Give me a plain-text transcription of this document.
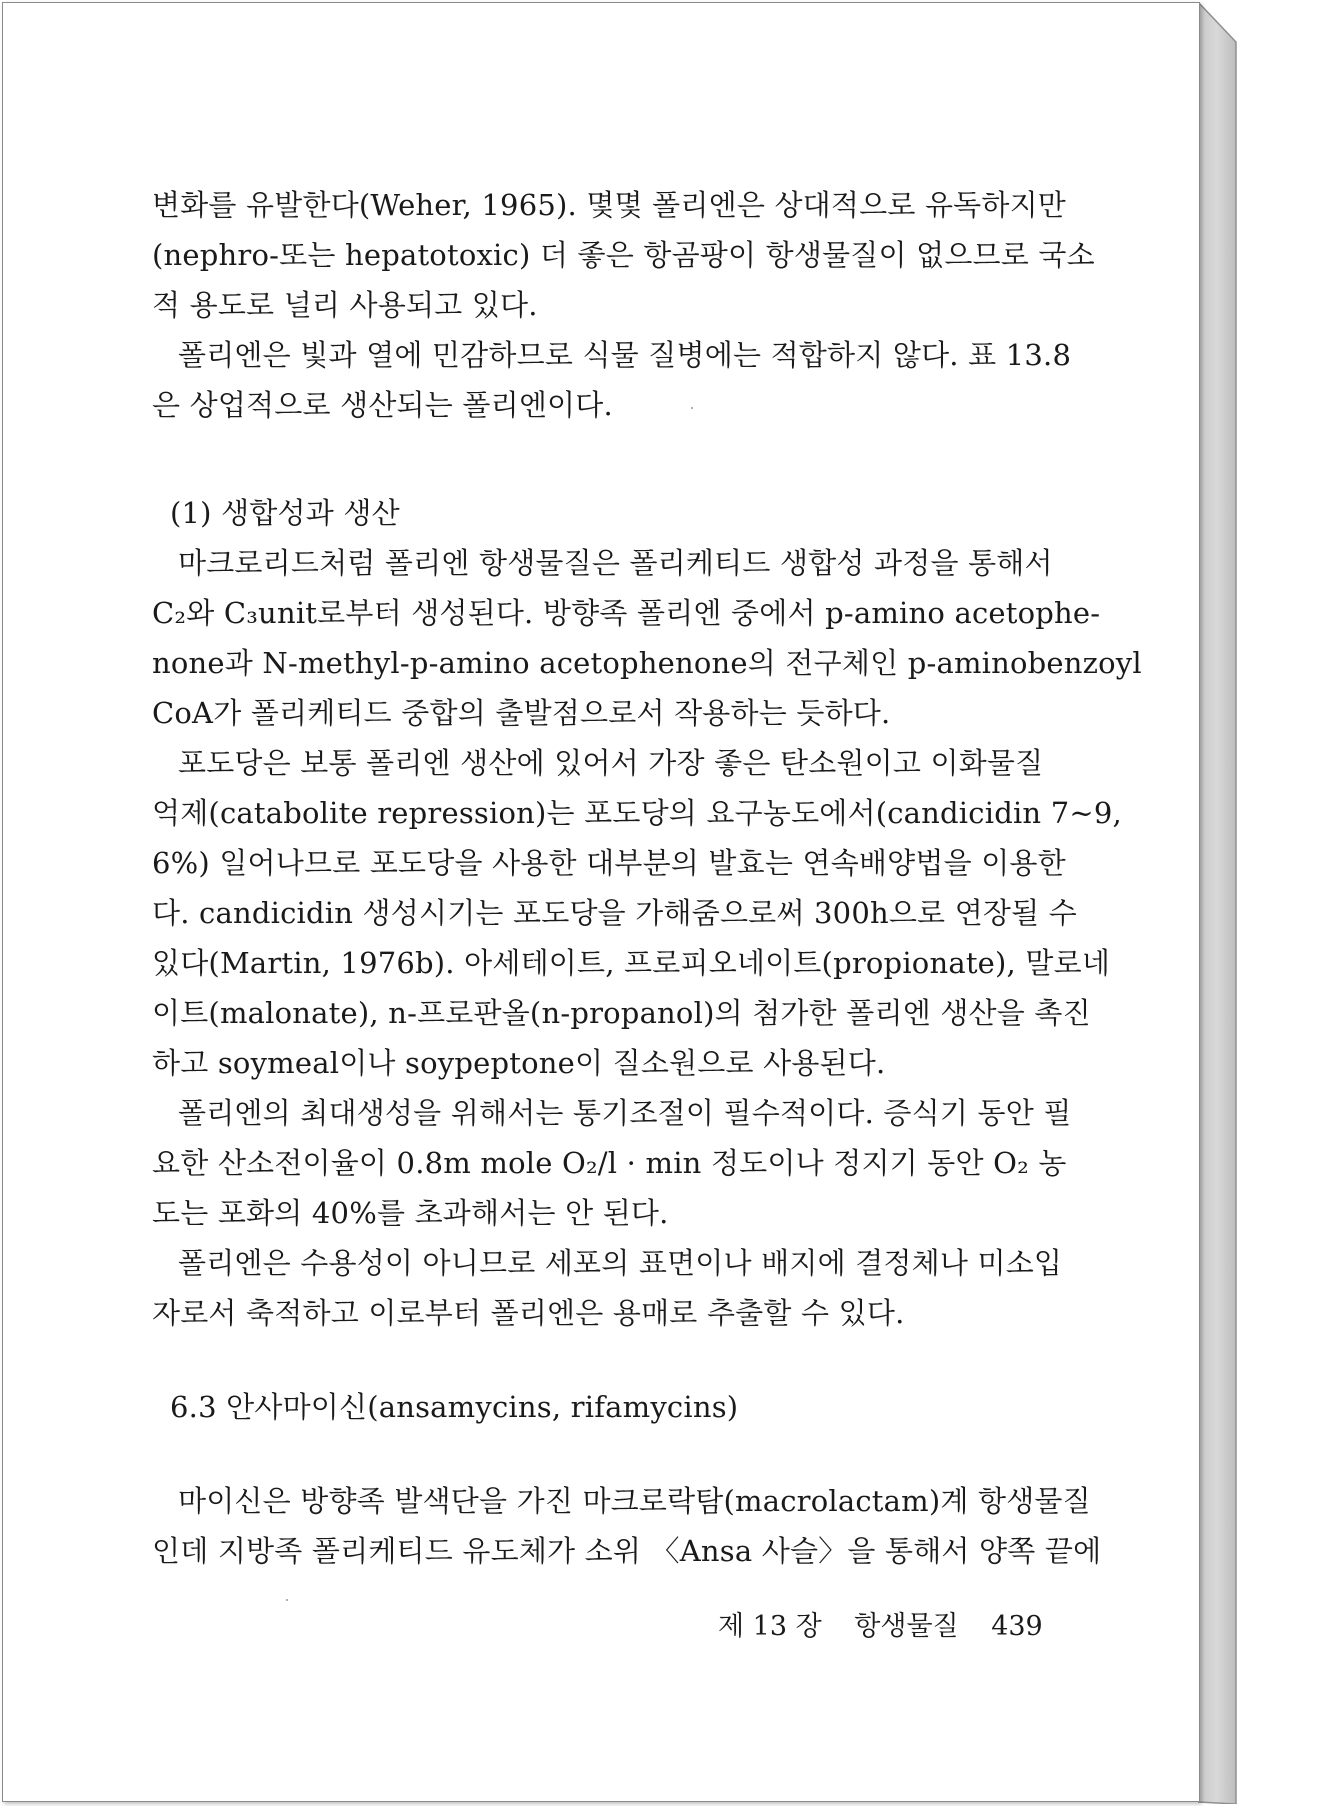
변화를 유발한다(Weher, 1965). 몇몇 폴리엔은 상대적으로 유독하지만
(nephro-또는 hepatotoxic) 더 좋은 항곰팡이 항생물질이 없으므로 국소
적 용도로 널리 사용되고 있다.
폴리엔은 빛과 열에 민감하므로 식물 질병에는 적합하지 않다. 표 13.8
은 상업적으로 생산되는 폴리엔이다.
(1) 생합성과 생산
마크로리드처럼 폴리엔 항생물질은 폴리케티드 생합성 과정을 통해서
C₂와 C₃unit로부터 생성된다. 방향족 폴리엔 중에서 p-amino acetophe-
none과 N-methyl-p-amino acetophenone의 전구체인 p-aminobenzoyl
CoA가 폴리케티드 중합의 출발점으로서 작용하는 듯하다.
포도당은 보통 폴리엔 생산에 있어서 가장 좋은 탄소원이고 이화물질
억제(catabolite repression)는 포도당의 요구농도에서(candicidin 7~9,
6%) 일어나므로 포도당을 사용한 대부분의 발효는 연속배양법을 이용한
다. candicidin 생성시기는 포도당을 가해줌으로써 300h으로 연장될 수
있다(Martin, 1976b). 아세테이트, 프로피오네이트(propionate), 말로네
이트(malonate), n-프로판올(n-propanol)의 첨가한 폴리엔 생산을 촉진
하고 soymeal이나 soypeptone이 질소원으로 사용된다.
폴리엔의 최대생성을 위해서는 통기조절이 필수적이다. 증식기 동안 필
요한 산소전이율이 0.8m mole O₂/l · min 정도이나 정지기 동안 O₂ 농
도는 포화의 40%를 초과해서는 안 된다.
폴리엔은 수용성이 아니므로 세포의 표면이나 배지에 결정체나 미소입
자로서 축적하고 이로부터 폴리엔은 용매로 추출할 수 있다.
6.3 안사마이신(ansamycins, rifamycins)
마이신은 방향족 발색단을 가진 마크로락탐(macrolactam)계 항생물질
인데 지방족 폴리케티드 유도체가 소위 〈Ansa 사슬〉을 통해서 양쪽 끝에
제 13 장 항생물질 439
